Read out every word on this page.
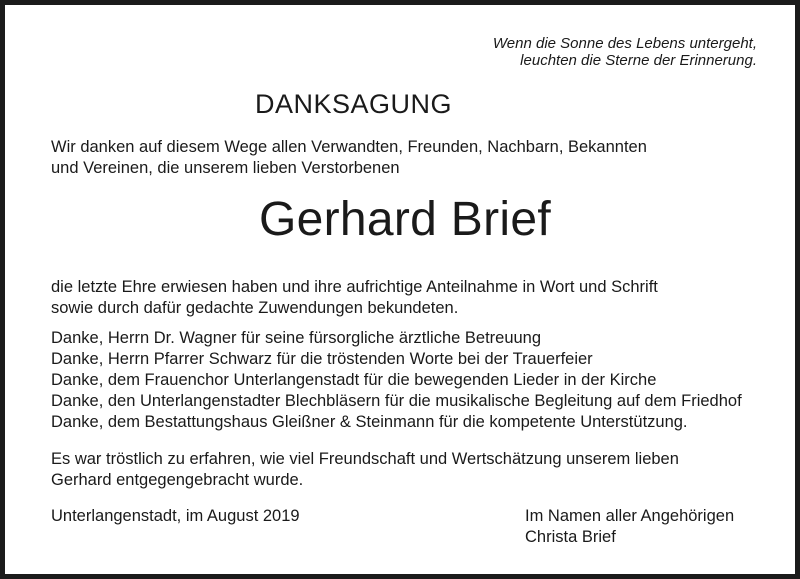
Wenn die Sonne des Lebens untergeht,
leuchten die Sterne der Erinnerung.
DANKSAGUNG
Wir danken auf diesem Wege allen Verwandten, Freunden, Nachbarn, Bekannten
und Vereinen, die unserem lieben Verstorbenen
Gerhard Brief
die letzte Ehre erwiesen haben und ihre aufrichtige Anteilnahme in Wort und Schrift
sowie durch dafür gedachte Zuwendungen bekundeten.
Danke, Herrn Dr. Wagner für seine fürsorgliche ärztliche Betreuung
Danke, Herrn Pfarrer Schwarz für die tröstenden Worte bei der Trauerfeier
Danke, dem Frauenchor Unterlangenstadt für die bewegenden Lieder in der Kirche
Danke, den Unterlangenstadter Blechbläsern für die musikalische Begleitung auf dem Friedhof
Danke, dem Bestattungshaus Gleißner & Steinmann für die kompetente Unterstützung.
Es war tröstlich zu erfahren, wie viel Freundschaft und Wertschätzung unserem lieben
Gerhard entgegengebracht wurde.
Unterlangenstadt, im August 2019	Im Namen aller Angehörigen
Christa Brief
